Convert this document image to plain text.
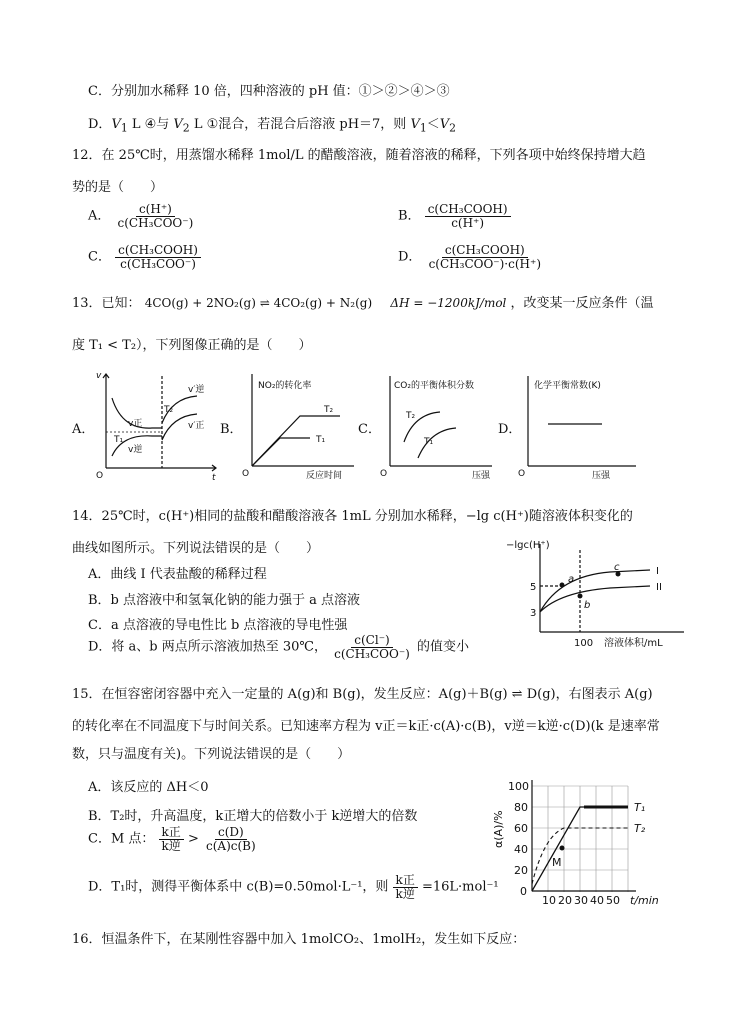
C．分别加水稀释 10 倍，四种溶液的 pH 值：①＞②＞④＞③
D．$V_1$ L ④与 $V_2$ L ①混合，若混合后溶液 pH＝7，则 $V_1<V_2$
12．在 25℃时，用蒸馏水稀释 1mol/L 的醋酸溶液，随着溶液的稀释，下列各项中始终保持增大趋
势的是（　　）
A． $\frac{c(H^+)}{\text{c(CH₃COO⁻)}}$	B． $\frac{\text{c(CH₃COOH)}}{c(H^+)}$
C． $\frac{\text{c(CH₃COOH)}}{\text{c(CH₃COO⁻)}}$	D． $\frac{\text{c(CH₃COOH)}}{\text{c(CH₃COO⁻)·c(H⁺)}}$
13．已知： 4CO(g) + 2NO₂(g) ⇌ 4CO₂(g) + N₂(g) ΔH = −1200kJ/mol ，改变某一反应条件（温
度 T₁ < T₂），下列图像正确的是（　　）
A．	B．	C．	D．
v
t
O
T₁
T₂
v正
v逆
v′逆
v′正
NO₂的转化率
反应时间
O
T₂
T₁
CO₂的平衡体积分数
压强
O
T₂
T₁
化学平衡常数(K)
压强
O
14．25℃时，c(H⁺)相同的盐酸和醋酸溶液各 1mL 分别加水稀释，−lg c(H⁺)随溶液体积变化的
曲线如图所示。下列说法错误的是（　　）
A．曲线 I 代表盐酸的稀释过程
B．b 点溶液中和氢氧化钠的能力强于 a 点溶液
C．a 点溶液的导电性比 b 点溶液的导电性强
D．将 a、b 两点所示溶液加热至 30℃， $\frac{c(Cl^-)}{\text{c(CH₃COO⁻)}}$ 的值变小
−lgc(H⁺)
溶液体积/mL
100
5
3
a
b
c	I
II
15．在恒容密闭容器中充入一定量的 A(g)和 B(g)，发生反应：A(g)＋B(g) ⇌ D(g)，右图表示 A(g)
的转化率在不同温度下与时间关系。已知速率方程为 v正＝k正·c(A)·c(B)，v逆＝k逆·c(D)(k 是速率常
数，只与温度有关)。下列说法错误的是（　　）
A．该反应的 ΔH＜0
B．T₂时，升高温度，k正增大的倍数小于 k逆增大的倍数
C．M 点： $\frac{\text{k正}}{\text{k逆}} > \frac{c(D)}{c(A)c(B)}$
D．T₁时，测得平衡体系中 c(B)=0.50mol·L⁻¹，则 $\frac{\text{k正}}{\text{k逆}} =16L\cdot mol^{-1}$
α(A)/%
0
20
40
60
80
100
10 20 30 40 50 t/min
M
T₁
T₂
16．恒温条件下，在某刚性容器中加入 1molCO₂、1molH₂，发生如下反应：
